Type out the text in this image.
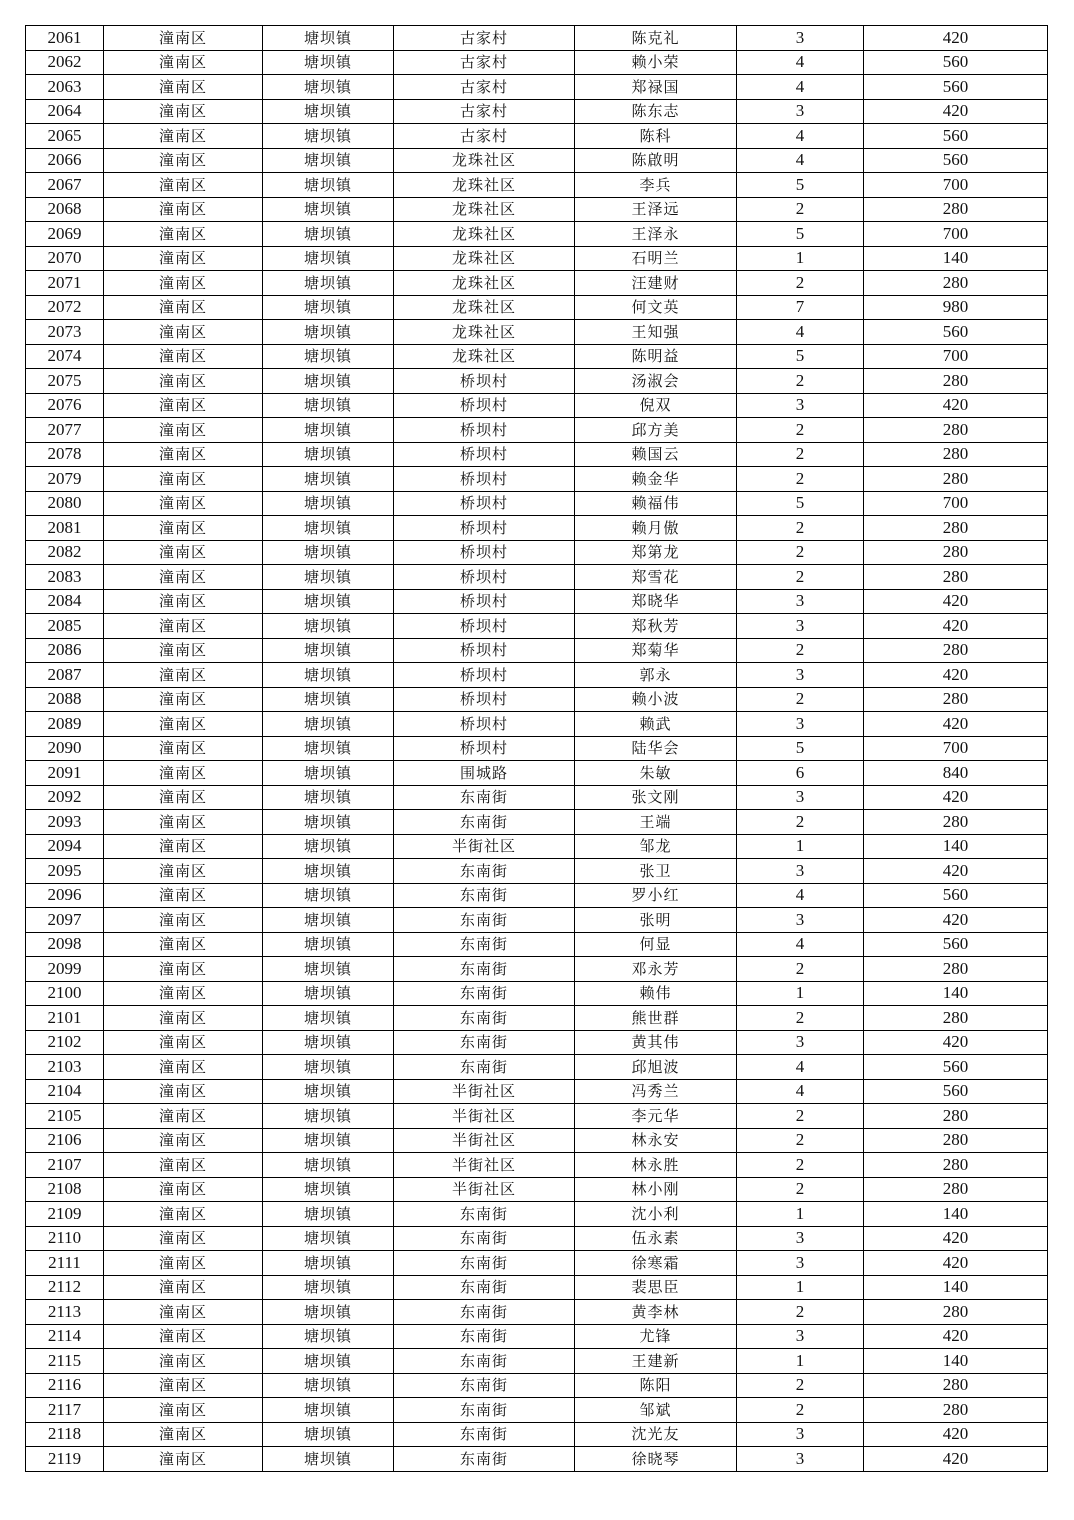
2061	潼南区	塘坝镇	古家村	陈克礼	3	420
2062	潼南区	塘坝镇	古家村	赖小荣	4	560
2063	潼南区	塘坝镇	古家村	郑禄国	4	560
2064	潼南区	塘坝镇	古家村	陈东志	3	420
2065	潼南区	塘坝镇	古家村	陈科	4	560
2066	潼南区	塘坝镇	龙珠社区	陈啟明	4	560
2067	潼南区	塘坝镇	龙珠社区	李兵	5	700
2068	潼南区	塘坝镇	龙珠社区	王泽远	2	280
2069	潼南区	塘坝镇	龙珠社区	王泽永	5	700
2070	潼南区	塘坝镇	龙珠社区	石明兰	1	140
2071	潼南区	塘坝镇	龙珠社区	汪建财	2	280
2072	潼南区	塘坝镇	龙珠社区	何文英	7	980
2073	潼南区	塘坝镇	龙珠社区	王知强	4	560
2074	潼南区	塘坝镇	龙珠社区	陈明益	5	700
2075	潼南区	塘坝镇	桥坝村	汤淑会	2	280
2076	潼南区	塘坝镇	桥坝村	倪双	3	420
2077	潼南区	塘坝镇	桥坝村	邱方美	2	280
2078	潼南区	塘坝镇	桥坝村	赖国云	2	280
2079	潼南区	塘坝镇	桥坝村	赖金华	2	280
2080	潼南区	塘坝镇	桥坝村	赖福伟	5	700
2081	潼南区	塘坝镇	桥坝村	赖月傲	2	280
2082	潼南区	塘坝镇	桥坝村	郑第龙	2	280
2083	潼南区	塘坝镇	桥坝村	郑雪花	2	280
2084	潼南区	塘坝镇	桥坝村	郑晓华	3	420
2085	潼南区	塘坝镇	桥坝村	郑秋芳	3	420
2086	潼南区	塘坝镇	桥坝村	郑菊华	2	280
2087	潼南区	塘坝镇	桥坝村	郭永	3	420
2088	潼南区	塘坝镇	桥坝村	赖小波	2	280
2089	潼南区	塘坝镇	桥坝村	赖武	3	420
2090	潼南区	塘坝镇	桥坝村	陆华会	5	700
2091	潼南区	塘坝镇	围城路	朱敏	6	840
2092	潼南区	塘坝镇	东南街	张文刚	3	420
2093	潼南区	塘坝镇	东南街	王端	2	280
2094	潼南区	塘坝镇	半街社区	邹龙	1	140
2095	潼南区	塘坝镇	东南街	张卫	3	420
2096	潼南区	塘坝镇	东南街	罗小红	4	560
2097	潼南区	塘坝镇	东南街	张明	3	420
2098	潼南区	塘坝镇	东南街	何显	4	560
2099	潼南区	塘坝镇	东南街	邓永芳	2	280
2100	潼南区	塘坝镇	东南街	赖伟	1	140
2101	潼南区	塘坝镇	东南街	熊世群	2	280
2102	潼南区	塘坝镇	东南街	黄其伟	3	420
2103	潼南区	塘坝镇	东南街	邱旭波	4	560
2104	潼南区	塘坝镇	半街社区	冯秀兰	4	560
2105	潼南区	塘坝镇	半街社区	李元华	2	280
2106	潼南区	塘坝镇	半街社区	林永安	2	280
2107	潼南区	塘坝镇	半街社区	林永胜	2	280
2108	潼南区	塘坝镇	半街社区	林小刚	2	280
2109	潼南区	塘坝镇	东南街	沈小利	1	140
2110	潼南区	塘坝镇	东南街	伍永素	3	420
2111	潼南区	塘坝镇	东南街	徐寒霜	3	420
2112	潼南区	塘坝镇	东南街	裴思臣	1	140
2113	潼南区	塘坝镇	东南街	黄李林	2	280
2114	潼南区	塘坝镇	东南街	尤锋	3	420
2115	潼南区	塘坝镇	东南街	王建新	1	140
2116	潼南区	塘坝镇	东南街	陈阳	2	280
2117	潼南区	塘坝镇	东南街	邹斌	2	280
2118	潼南区	塘坝镇	东南街	沈光友	3	420
2119	潼南区	塘坝镇	东南街	徐晓琴	3	420
